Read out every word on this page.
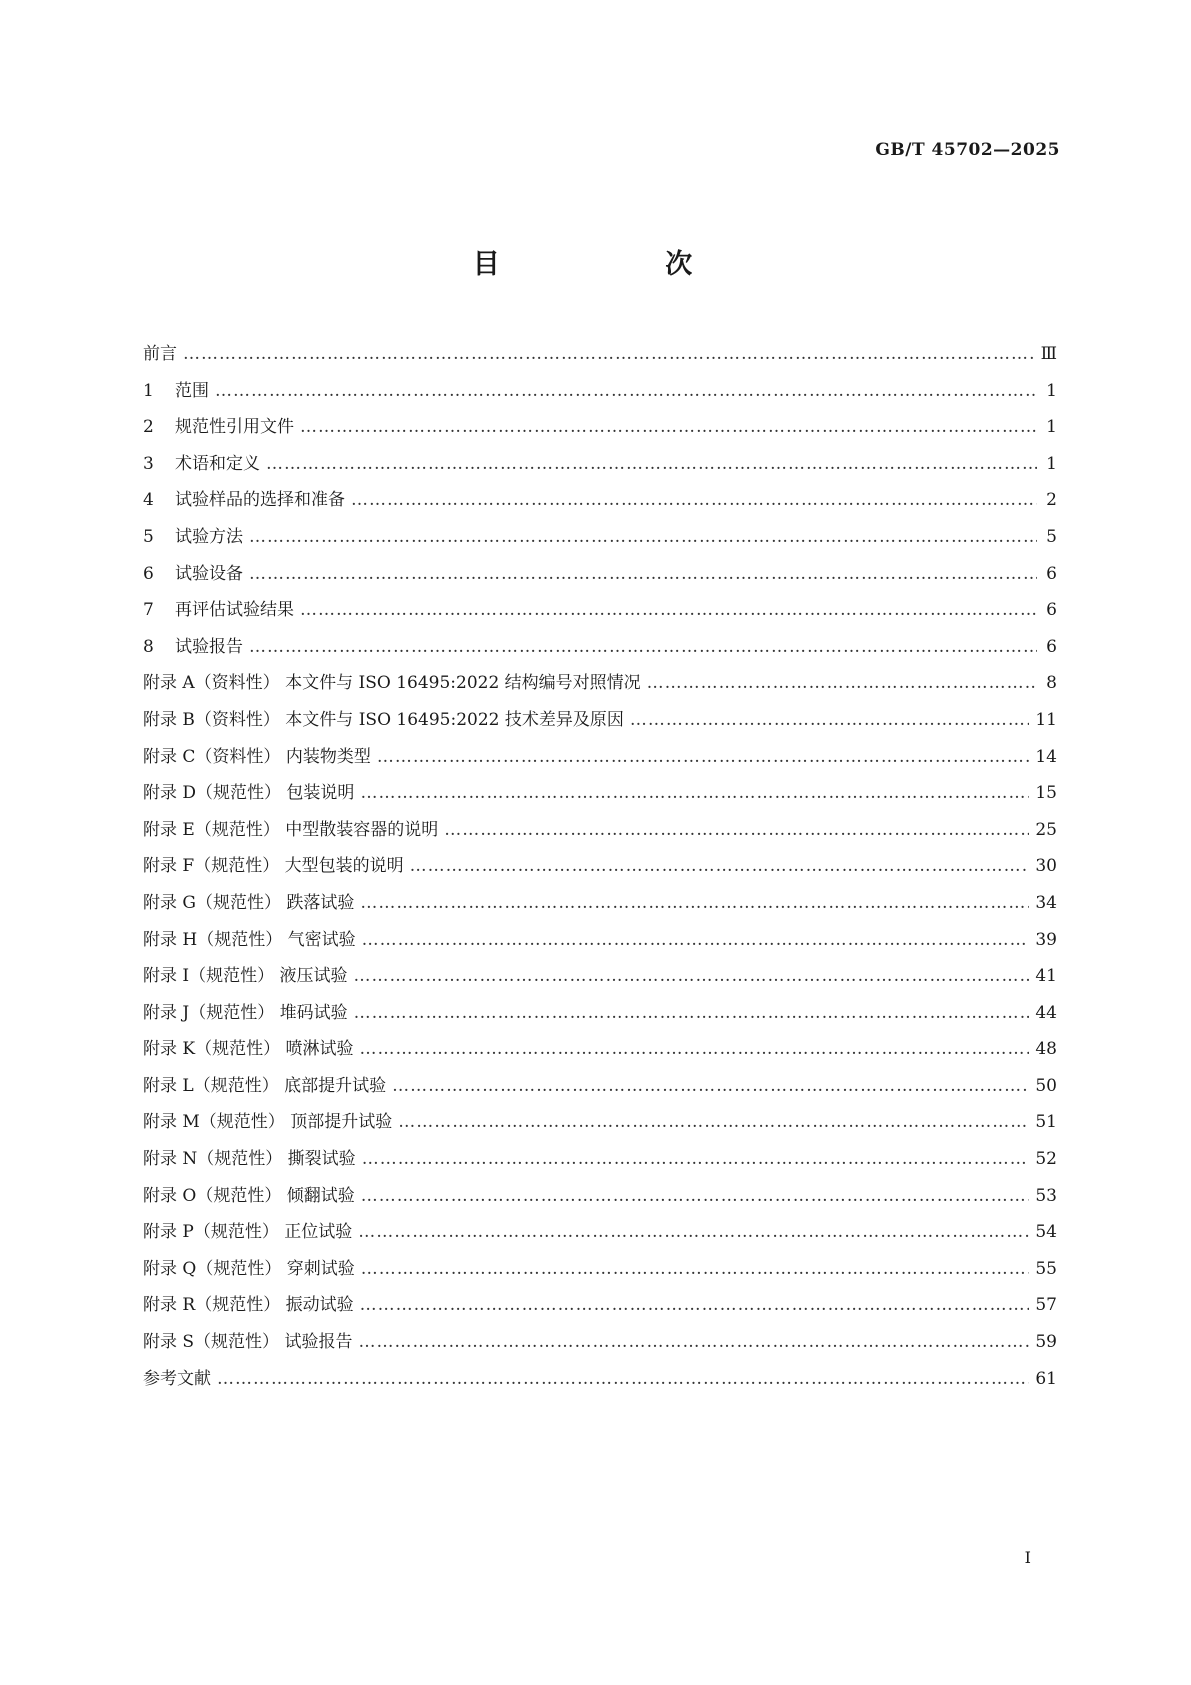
GB/T 45702—2025
目 次
前言 …………………………………………………………………………………………………………………………………………………………………………………………	Ⅲ
1	范围 …………………………………………………………………………………………………………………………………………………………………………………………	1
2	规范性引用文件 …………………………………………………………………………………………………………………………………………………………………………………………	1
3	术语和定义 …………………………………………………………………………………………………………………………………………………………………………………………	1
4	试验样品的选择和准备 …………………………………………………………………………………………………………………………………………………………………………………………	2
5	试验方法 …………………………………………………………………………………………………………………………………………………………………………………………	5
6	试验设备 …………………………………………………………………………………………………………………………………………………………………………………………	6
7	再评估试验结果 …………………………………………………………………………………………………………………………………………………………………………………………	6
8	试验报告 …………………………………………………………………………………………………………………………………………………………………………………………	6
附录 A（资料性） 本文件与 ISO 16495:2022 结构编号对照情况 …………………………………………………………………………………………………………………………………………………………………………………………	8
附录 B（资料性） 本文件与 ISO 16495:2022 技术差异及原因 …………………………………………………………………………………………………………………………………………………………………………………………	11
附录 C（资料性） 内装物类型 …………………………………………………………………………………………………………………………………………………………………………………………	14
附录 D（规范性） 包装说明 …………………………………………………………………………………………………………………………………………………………………………………………	15
附录 E（规范性） 中型散装容器的说明 …………………………………………………………………………………………………………………………………………………………………………………………	25
附录 F（规范性） 大型包装的说明 …………………………………………………………………………………………………………………………………………………………………………………………	30
附录 G（规范性） 跌落试验 …………………………………………………………………………………………………………………………………………………………………………………………	34
附录 H（规范性） 气密试验 …………………………………………………………………………………………………………………………………………………………………………………………	39
附录 I（规范性） 液压试验 …………………………………………………………………………………………………………………………………………………………………………………………	41
附录 J（规范性） 堆码试验 …………………………………………………………………………………………………………………………………………………………………………………………	44
附录 K（规范性） 喷淋试验 …………………………………………………………………………………………………………………………………………………………………………………………	48
附录 L（规范性） 底部提升试验 …………………………………………………………………………………………………………………………………………………………………………………………	50
附录 M（规范性） 顶部提升试验 …………………………………………………………………………………………………………………………………………………………………………………………	51
附录 N（规范性） 撕裂试验 …………………………………………………………………………………………………………………………………………………………………………………………	52
附录 O（规范性） 倾翻试验 …………………………………………………………………………………………………………………………………………………………………………………………	53
附录 P（规范性） 正位试验 …………………………………………………………………………………………………………………………………………………………………………………………	54
附录 Q（规范性） 穿刺试验 …………………………………………………………………………………………………………………………………………………………………………………………	55
附录 R（规范性） 振动试验 …………………………………………………………………………………………………………………………………………………………………………………………	57
附录 S（规范性） 试验报告 …………………………………………………………………………………………………………………………………………………………………………………………	59
参考文献 …………………………………………………………………………………………………………………………………………………………………………………………	61
Ⅰ
